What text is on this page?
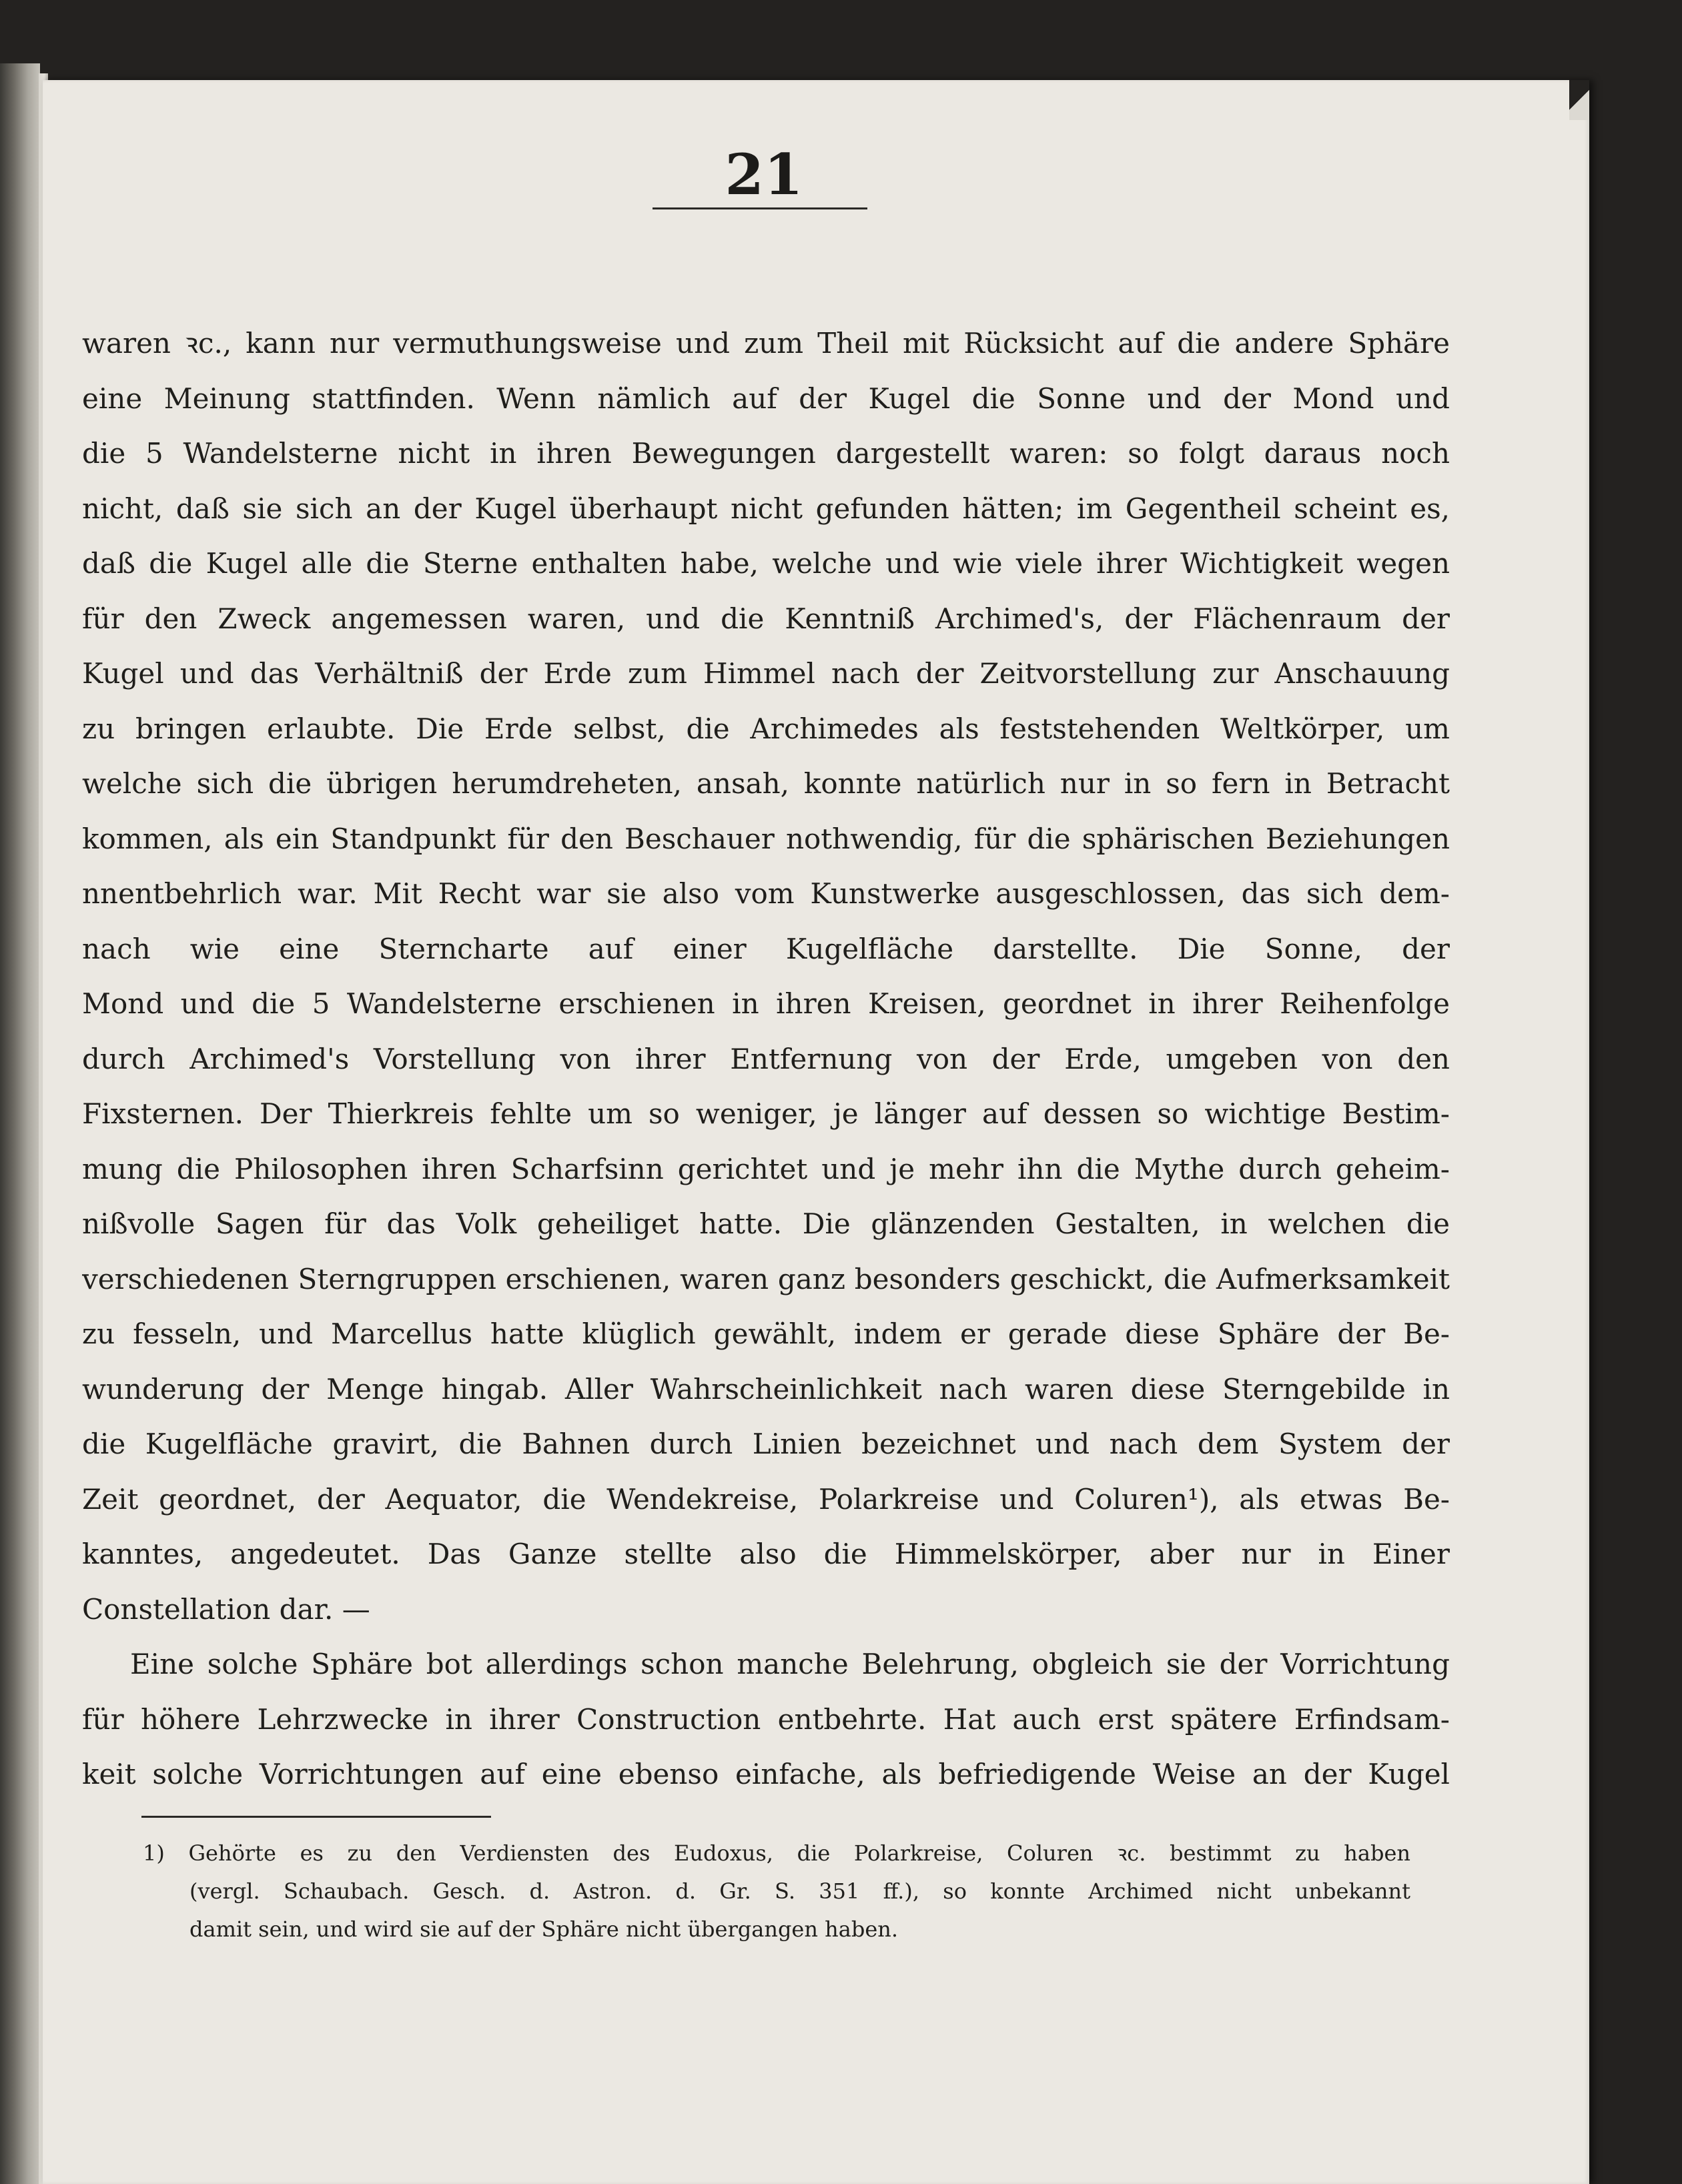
21
waren ꝛc., kann nur vermuthungsweise und zum Theil mit Rücksicht auf die andere Sphäre
eine Meinung stattfinden. Wenn nämlich auf der Kugel die Sonne und der Mond und
die 5 Wandelsterne nicht in ihren Bewegungen dargestellt waren: so folgt daraus noch
nicht, daß sie sich an der Kugel überhaupt nicht gefunden hätten; im Gegentheil scheint es,
daß die Kugel alle die Sterne enthalten habe, welche und wie viele ihrer Wichtigkeit wegen
für den Zweck angemessen waren, und die Kenntniß Archimed's, der Flächenraum der
Kugel und das Verhältniß der Erde zum Himmel nach der Zeitvorstellung zur Anschauung
zu bringen erlaubte. Die Erde selbst, die Archimedes als feststehenden Weltkörper, um
welche sich die übrigen herumdreheten, ansah, konnte natürlich nur in so fern in Betracht
kommen, als ein Standpunkt für den Beschauer nothwendig, für die sphärischen Beziehungen
nnentbehrlich war. Mit Recht war sie also vom Kunstwerke ausgeschlossen, das sich dem-
nach wie eine Sterncharte auf einer Kugelfläche darstellte. Die Sonne, der
Mond und die 5 Wandelsterne erschienen in ihren Kreisen, geordnet in ihrer Reihenfolge
durch Archimed's Vorstellung von ihrer Entfernung von der Erde, umgeben von den
Fixsternen. Der Thierkreis fehlte um so weniger, je länger auf dessen so wichtige Bestim-
mung die Philosophen ihren Scharfsinn gerichtet und je mehr ihn die Mythe durch geheim-
nißvolle Sagen für das Volk geheiliget hatte. Die glänzenden Gestalten, in welchen die
verschiedenen Sterngruppen erschienen, waren ganz besonders geschickt, die Aufmerksamkeit
zu fesseln, und Marcellus hatte klüglich gewählt, indem er gerade diese Sphäre der Be-
wunderung der Menge hingab. Aller Wahrscheinlichkeit nach waren diese Sterngebilde in
die Kugelfläche gravirt, die Bahnen durch Linien bezeichnet und nach dem System der
Zeit geordnet, der Aequator, die Wendekreise, Polarkreise und Coluren¹), als etwas Be-
kanntes, angedeutet. Das Ganze stellte also die Himmelskörper, aber nur in Einer
Constellation dar. —
Eine solche Sphäre bot allerdings schon manche Belehrung, obgleich sie der Vorrichtung
für höhere Lehrzwecke in ihrer Construction entbehrte. Hat auch erst spätere Erfindsam-
keit solche Vorrichtungen auf eine ebenso einfache, als befriedigende Weise an der Kugel
1) Gehörte es zu den Verdiensten des Eudoxus, die Polarkreise, Coluren ꝛc. bestimmt zu haben
(vergl. Schaubach. Gesch. d. Astron. d. Gr. S. 351 ff.), so konnte Archimed nicht unbekannt
damit sein, und wird sie auf der Sphäre nicht übergangen haben.
